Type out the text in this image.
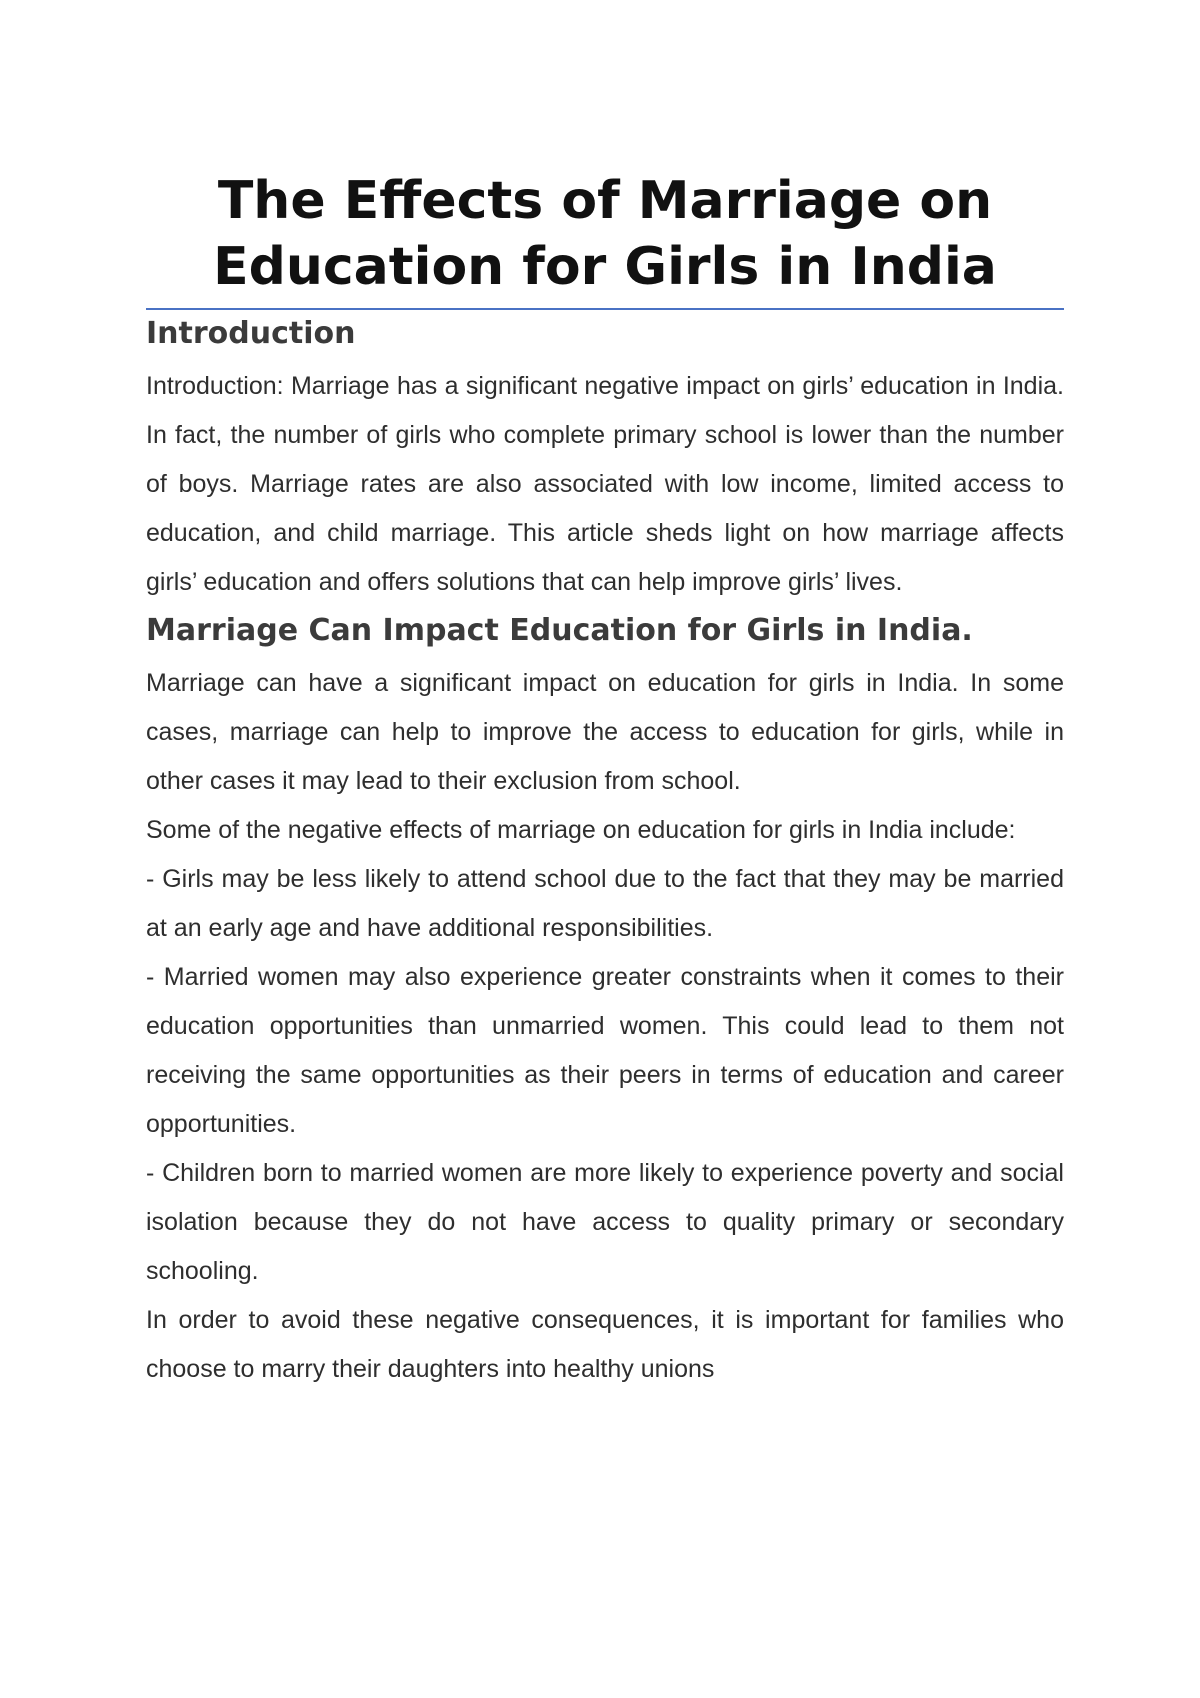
The Effects of Marriage on Education for Girls in India
Introduction

Introduction: Marriage has a significant negative impact on girls’ education in India. In fact, the number of girls who complete primary school is lower than the number of boys. Marriage rates are also associated with low income, limited access to education, and child marriage. This article sheds light on how marriage affects girls’ education and offers solutions that can help improve girls’ lives.

Marriage Can Impact Education for Girls in India.

Marriage can have a significant impact on education for girls in India. In some cases, marriage can help to improve the access to education for girls, while in other cases it may lead to their exclusion from school.

Some of the negative effects of marriage on education for girls in India include:

- Girls may be less likely to attend school due to the fact that they may be married at an early age and have additional responsibilities.

- Married women may also experience greater constraints when it comes to their education opportunities than unmarried women. This could lead to them not receiving the same opportunities as their peers in terms of education and career opportunities.

- Children born to married women are more likely to experience poverty and social isolation because they do not have access to quality primary or secondary schooling.

In order to avoid these negative consequences, it is important for families who choose to marry their daughters into healthy unions
